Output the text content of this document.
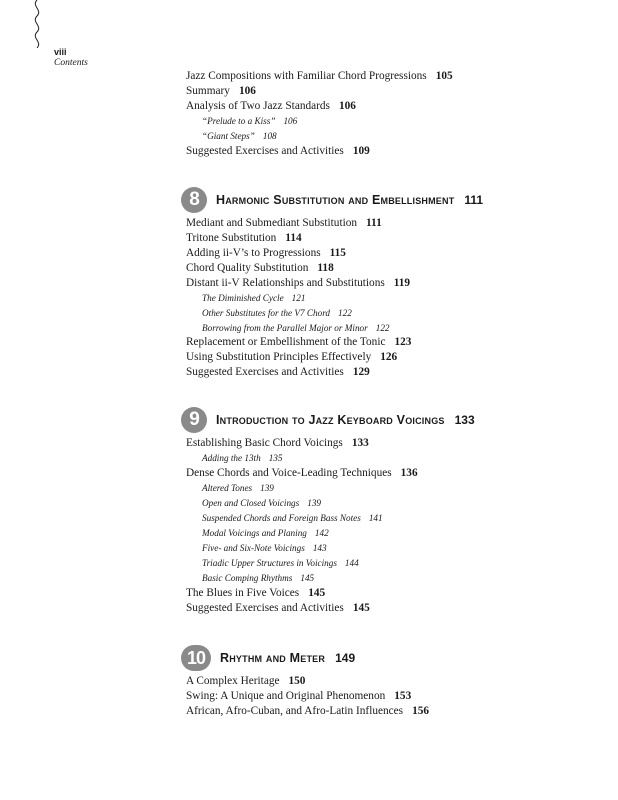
viii
Contents
Jazz Compositions with Familiar Chord Progressions 105
Summary 106
Analysis of Two Jazz Standards 106
“Prelude to a Kiss” 106
“Giant Steps” 108
Suggested Exercises and Activities 109
8	Harmonic Substitution and Embellishment 111
Mediant and Submediant Substitution 111
Tritone Substitution 114
Adding ii-V’s to Progressions 115
Chord Quality Substitution 118
Distant ii-V Relationships and Substitutions 119
The Diminished Cycle 121
Other Substitutes for the V7 Chord 122
Borrowing from the Parallel Major or Minor 122
Replacement or Embellishment of the Tonic 123
Using Substitution Principles Effectively 126
Suggested Exercises and Activities 129
9	Introduction to Jazz Keyboard Voicings 133
Establishing Basic Chord Voicings 133
Adding the 13th 135
Dense Chords and Voice-Leading Techniques 136
Altered Tones 139
Open and Closed Voicings 139
Suspended Chords and Foreign Bass Notes 141
Modal Voicings and Planing 142
Five- and Six-Note Voicings 143
Triadic Upper Structures in Voicings 144
Basic Comping Rhythms 145
The Blues in Five Voices 145
Suggested Exercises and Activities 145
10	Rhythm and Meter 149
A Complex Heritage 150
Swing: A Unique and Original Phenomenon 153
African, Afro-Cuban, and Afro-Latin Influences 156
